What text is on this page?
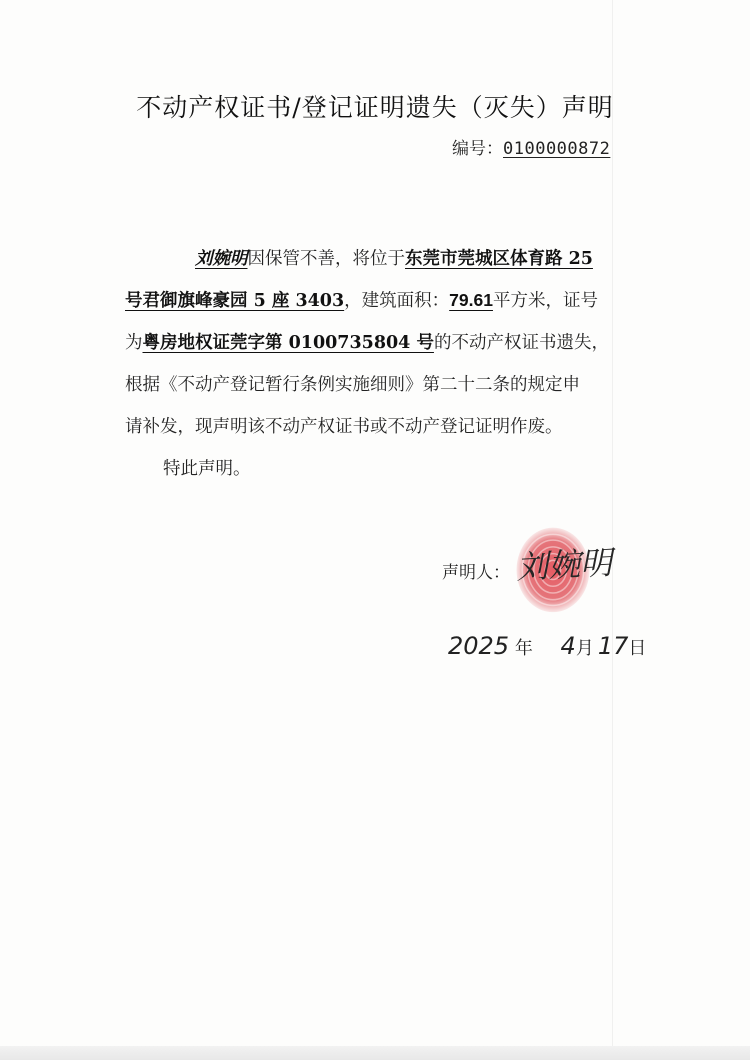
不动产权证书/登记证明遗失（灭失）声明
编号：0100000872
刘婉明因保管不善，将位于东莞市莞城区体育路 25
号君御旗峰豪园 5 座 3403，建筑面积：79.61平方米，证号
为粤房地权证莞字第 0100735804 号的不动产权证书遗失，
根据《不动产登记暂行条例实施细则》第二十二条的规定申
请补发，现声明该不动产权证书或不动产登记证明作废。
特此声明。
声明人： 刘婉明
2025 年 4月 17日
